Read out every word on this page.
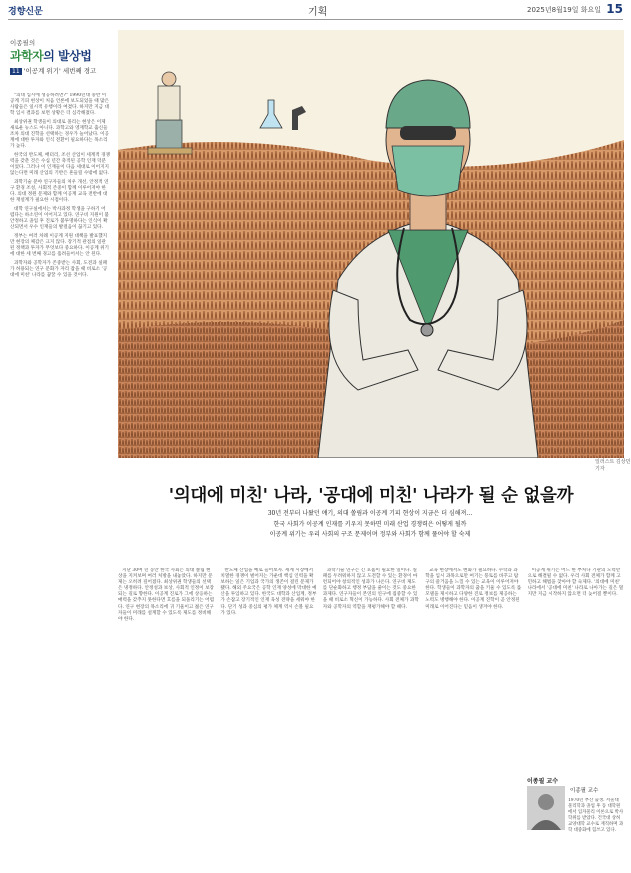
경향신문	기획	2025년8월19일 화요일 15
이종필의
과학자의 발상법
11 '이공계 위기' 세번째 경고

"의대 입시에 성공하려면?" 1990년대 중반 이공계 기피 현상이 처음 언론에 보도되었을 때 많은 사람들은 일시적 유행이라 여겼다. 하지만 지금 대학 입시 결과를 보면 상황은 더 심각해졌다.

최상위권 학생들이 의대로 몰리는 현상은 이제 새로운 뉴스도 아니다. 과학고와 영재학교 출신들조차 의대 진학을 선택하는 경우가 늘어났다. 이공계에 대한 투자와 인식 전환이 필요하다는 목소리가 높다.

한국의 반도체, 배터리, 조선 산업이 세계적 경쟁력을 갖춘 것은 수십 년간 축적된 공학 인재 덕분이었다. 그러나 이 인재들이 다음 세대로 이어지지 않는다면 미래 산업의 기반은 흔들릴 수밖에 없다.

과학기술 분야 연구자들의 처우 개선, 안정적 연구 환경 조성, 사회적 존중이 함께 이루어져야 한다. 의대 정원 문제와 함께 이공계 교육 전반에 대한 재설계가 필요한 시점이다.

대학 연구실에서는 박사과정 학생을 구하기 어렵다는 하소연이 이어지고 있다. 연구비 지원이 불안정하고 졸업 후 진로가 불투명하다는 인식이 확산되면서 우수 인재들의 발걸음이 끊기고 있다.

정부는 여러 차례 이공계 지원 대책을 발표했지만 현장의 체감은 크지 않다. 장기적 관점의 일관된 정책과 투자가 무엇보다 중요하다. 이공계 위기에 대한 세 번째 경고를 흘려들어서는 안 된다.

과학자와 공학자가 존중받는 사회, 도전과 실패가 허용되는 연구 문화가 자리 잡을 때 비로소 '공대에 미친' 나라를 꿈꿀 수 있을 것이다.

일러스트 김상민 기자
'의대에 미친' 나라, '공대에 미친' 나라가 될 순 없을까
30년 전부터 나왔던 얘기, 의대 쏠림과 이공계 기피 현상이 지금은 더 심해져…
한국 사회가 이공계 인재를 키우지 못하면 미래 산업 경쟁력은 어떻게 될까
이공계 위기는 우리 사회의 구조 문제이며 정부와 사회가 함께 풀어야 할 숙제

지난 30여 년 동안 한국 사회는 의대 쏠림 현상을 지켜보며 여러 처방을 내놓았다. 하지만 문제는 오히려 깊어졌다. 최상위권 학생들의 선택은 냉정하다. 안정성과 보상, 사회적 인정이 보장되는 길로 향한다. 이공계 진로가 그에 상응하는 매력을 갖추지 못한다면 흐름을 되돌리기는 어렵다. 연구 현장의 목소리에 귀 기울이고 젊은 연구자들이 미래를 설계할 수 있도록 제도를 정비해야 한다.

반도체 산업을 예로 들어보자. 세계 시장에서 치열한 경쟁이 벌어지는 가운데 핵심 인력을 확보하는 일은 기업과 국가의 생존이 걸린 문제가 됐다. 해외 주요국은 공학 인재 양성에 막대한 예산을 투입하고 있다. 한국도 대학과 산업계, 정부가 손잡고 장기적인 인재 육성 전략을 세워야 한다. 단기 성과 중심의 평가 체계 역시 손볼 필요가 있다.

과학기술 연구는 긴 호흡이 필요한 일이다. 실패를 두려워하지 않고 도전할 수 있는 환경이 마련되어야 창의적인 성과가 나온다. 연구비 제도를 단순화하고 행정 부담을 줄이는 것도 중요한 과제다. 연구자들이 본연의 연구에 집중할 수 있을 때 비로소 혁신이 가능하다. 사회 전체가 과학자와 공학자의 역할을 재평가해야 할 때다.

교육 현장에서도 변화가 필요하다. 수학과 과학을 입시 과목으로만 여기는 풍토를 바꾸고 탐구의 즐거움을 느낄 수 있는 교육이 이루어져야 한다. 학생들이 과학자의 꿈을 키울 수 있도록 롤모델을 제시하고 다양한 진로 정보를 제공하는 노력도 병행해야 한다. 이공계 진학이 곧 안정된 미래로 이어진다는 믿음이 생겨야 한다.

이공계 위기는 어느 한 부처나 기관의 노력만으로 해결될 수 없다. 우리 사회 전체가 함께 고민하고 해법을 찾아야 할 숙제다. '의대에 미친' 나라에서 '공대에 미친' 나라로 나아가는 길은 멀지만 지금 시작하지 않으면 더 늦어질 뿐이다.

이종필 교수
이종필 교수
1970년 부산 출생. 서울대 물리학과 졸업 후 동 대학원에서 입자물리 이론으로 박사학위를 받았다. 건국대 상허교양대학 교수로 재직하며 과학 대중화에 힘쓰고 있다.
